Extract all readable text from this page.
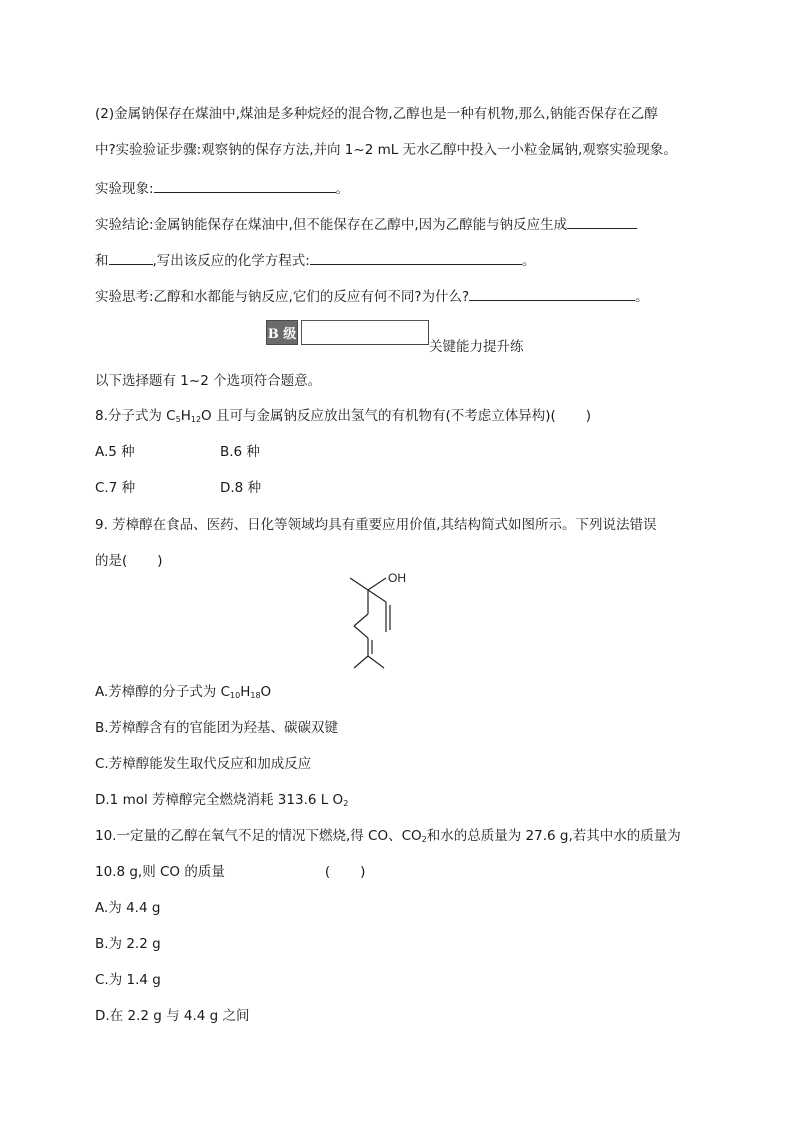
(2)金属钠保存在煤油中,煤油是多种烷烃的混合物,乙醇也是一种有机物,那么,钠能否保存在乙醇
中?实验验证步骤:观察钠的保存方法,并向 1~2 mL 无水乙醇中投入一小粒金属钠,观察实验现象。
实验现象:	。
实验结论:金属钠能保存在煤油中,但不能保存在乙醇中,因为乙醇能与钠反应生成
和	,写出该反应的化学方程式:	。
实验思考:乙醇和水都能与钠反应,它们的反应有何不同?为什么?	。
B 级
关键能力提升练
以下选择题有 1~2 个选项符合题意。
8.分子式为 $C_5H_{12}O$ 且可与金属钠反应放出氢气的有机物有(不考虑立体异构)( )
A.5 种	B.6 种
C.7 种	D.8 种
9. 芳樟醇在食品、医药、日化等领域均具有重要应用价值,其结构简式如图所示。下列说法错误
的是( )
OH
A.芳樟醇的分子式为 $C_{10}H_{18}O$
B.芳樟醇含有的官能团为羟基、碳碳双键
C.芳樟醇能发生取代反应和加成反应
D.1 mol 芳樟醇完全燃烧消耗 313.6 L $O_2$
10.一定量的乙醇在氧气不足的情况下燃烧,得 CO、$CO_2$和水的总质量为 27.6 g,若其中水的质量为
10.8 g,则 CO 的质量	( )
A.为 4.4 g
B.为 2.2 g
C.为 1.4 g
D.在 2.2 g 与 4.4 g 之间
